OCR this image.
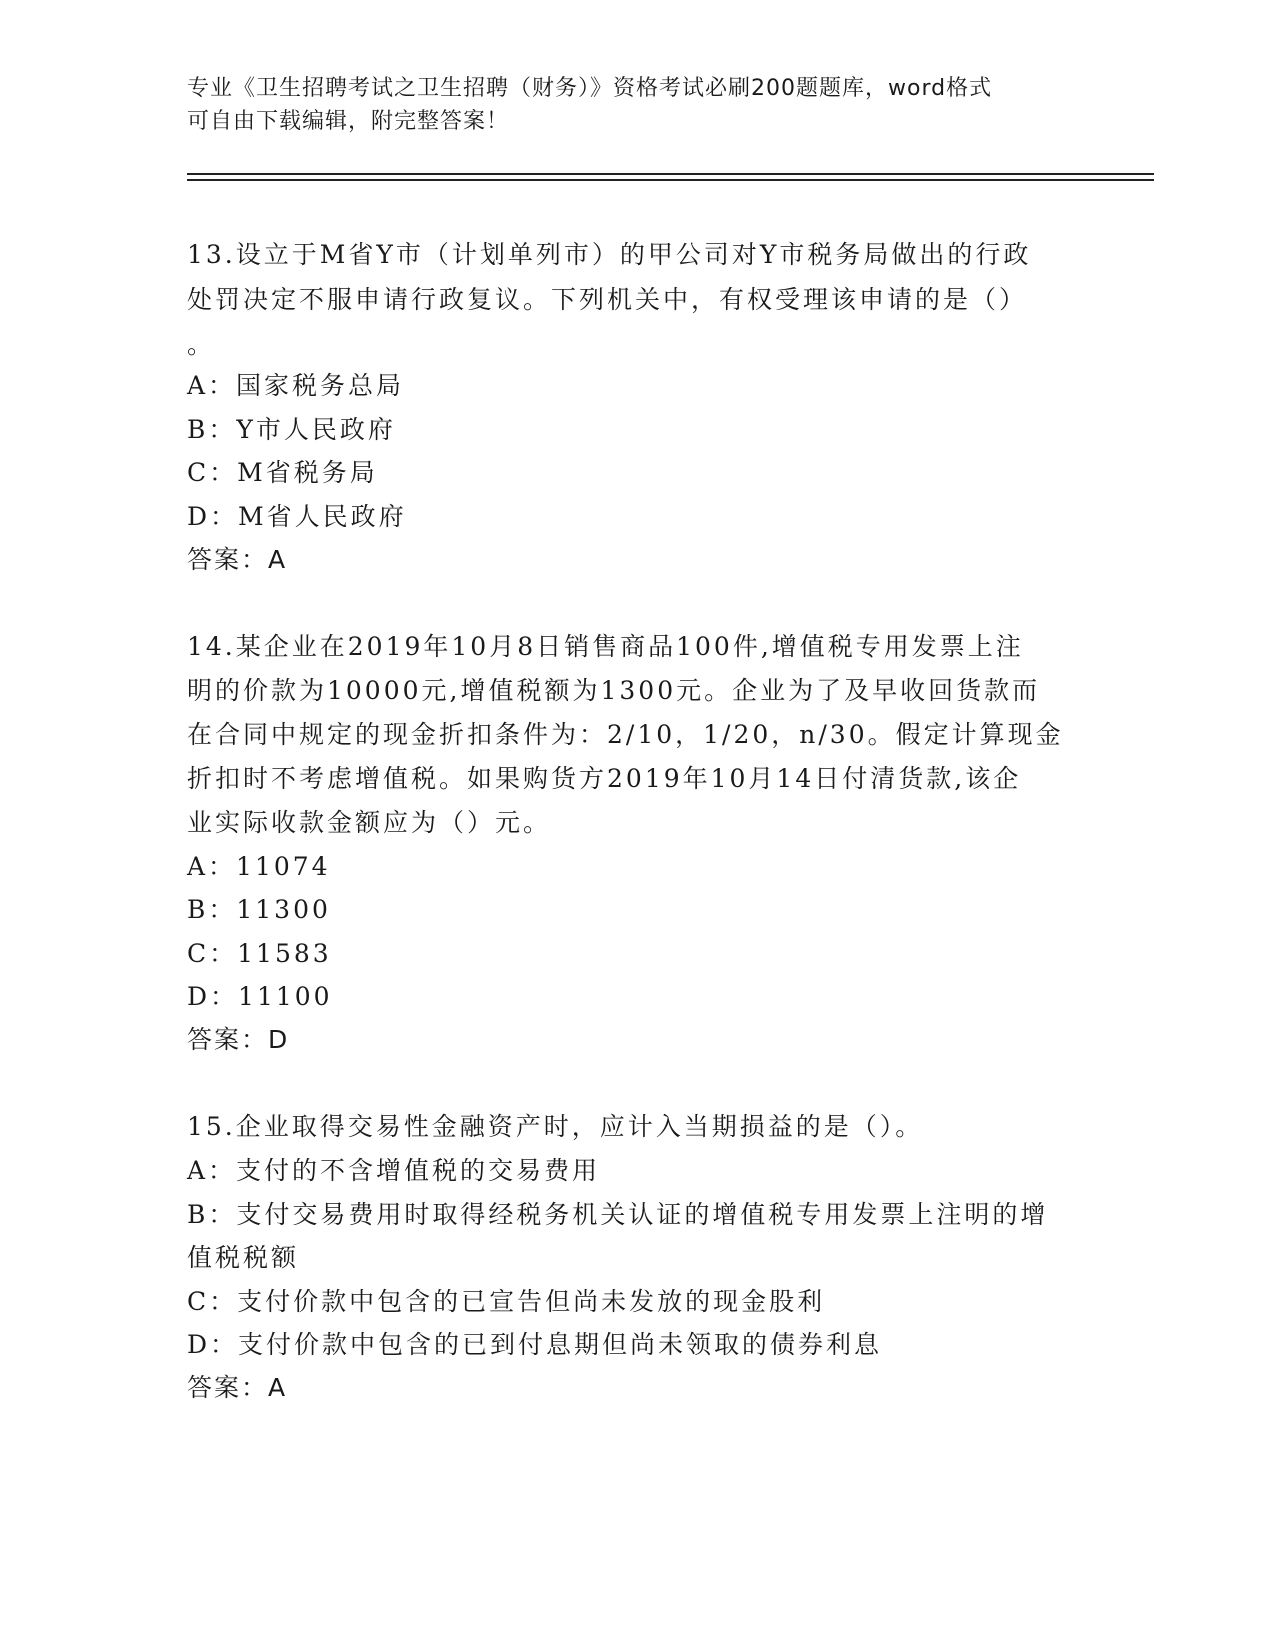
专业《卫生招聘考试之卫生招聘（财务）》资格考试必刷200题题库，word格式
可自由下载编辑，附完整答案！
13.设立于M省Y市（计划单列市）的甲公司对Y市税务局做出的行政
处罚决定不服申请行政复议。下列机关中，有权受理该申请的是（）
。
A：国家税务总局
B：Y市人民政府
C：M省税务局
D：M省人民政府
答案：A
14.某企业在2019年10月8日销售商品100件,增值税专用发票上注
明的价款为10000元,增值税额为1300元。企业为了及早收回货款而
在合同中规定的现金折扣条件为：2/10，1/20，n/30。假定计算现金
折扣时不考虑增值税。如果购货方2019年10月14日付清货款,该企
业实际收款金额应为（）元。
A：11074
B：11300
C：11583
D：11100
答案：D
15.企业取得交易性金融资产时，应计入当期损益的是（）。
A：支付的不含增值税的交易费用
B：支付交易费用时取得经税务机关认证的增值税专用发票上注明的增
值税税额
C：支付价款中包含的已宣告但尚未发放的现金股利
D：支付价款中包含的已到付息期但尚未领取的债券利息
答案：A
